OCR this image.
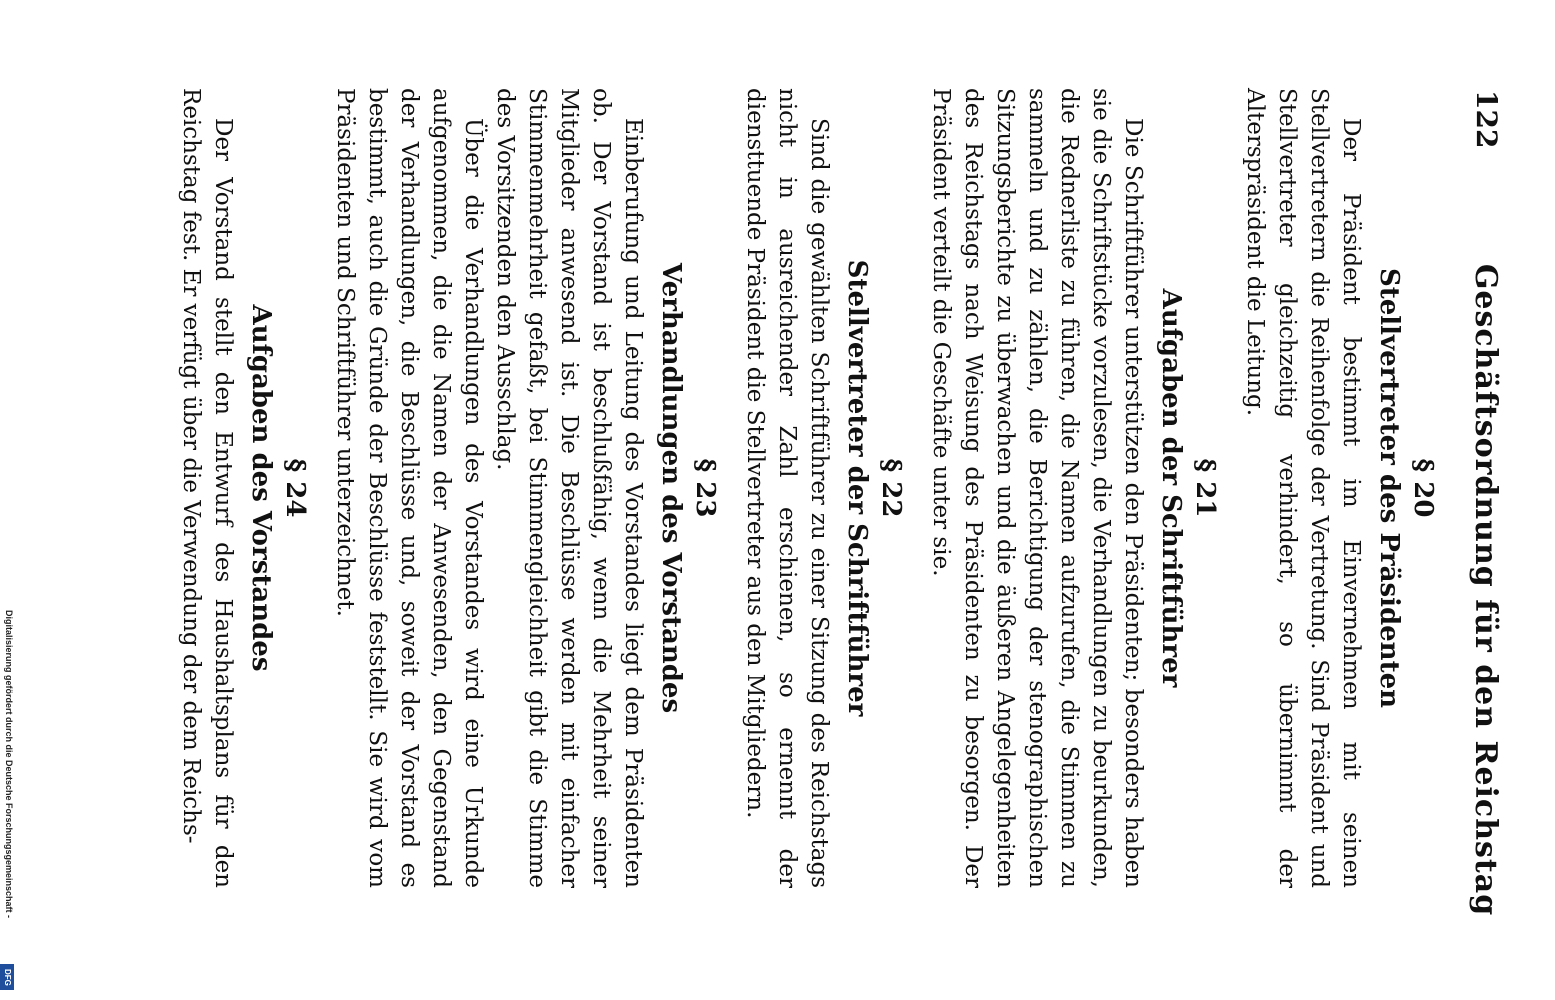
Digitalisierung gefördert durch die Deutsche Forschungsgemeinschaft -
DFG
122
Geschäftsordnung für den Reichstag
§ 20
Stellvertreter des Präsidenten

Der Präsident bestimmt im Einvernehmen mit seinen Stellvertretern die Reihenfolge der Vertretung. Sind Präsident und Stellvertreter gleichzeitig verhindert, so übernimmt der Alterspräsident die Leitung.

§ 21
Aufgaben der Schriftführer

Die Schriftführer unterstützen den Präsidenten; besonders haben sie die Schriftstücke vorzulesen, die Verhandlungen zu beurkunden, die Rednerliste zu führen, die Namen aufzurufen, die Stimmen zu sammeln und zu zählen, die Berichtigung der stenographischen Sitzungsberichte zu überwachen und die äußeren Angelegenheiten des Reichstags nach Weisung des Präsidenten zu besorgen. Der Präsident verteilt die Geschäfte unter sie.

§ 22
Stellvertreter der Schriftführer

Sind die gewählten Schriftführer zu einer Sitzung des Reichstags nicht in ausreichender Zahl erschienen, so ernennt der diensttuende Präsident die Stellvertreter aus den Mitgliedern.

§ 23
Verhandlungen des Vorstandes

Einberufung und Leitung des Vorstandes liegt dem Präsidenten ob. Der Vorstand ist beschlußfähig, wenn die Mehrheit seiner Mitglieder anwesend ist. Die Beschlüsse werden mit einfacher Stimmenmehrheit gefaßt, bei Stimmengleichheit gibt die Stimme des Vorsitzenden den Ausschlag.

Über die Verhandlungen des Vorstandes wird eine Urkunde aufgenommen, die die Namen der Anwesenden, den Gegenstand der Verhandlungen, die Beschlüsse und, soweit der Vorstand es bestimmt, auch die Gründe der Beschlüsse feststellt. Sie wird vom Präsidenten und Schriftführer unterzeichnet.

§ 24
Aufgaben des Vorstandes

Der Vorstand stellt den Entwurf des Haushaltsplans für den Reichstag fest. Er verfügt über die Verwendung der dem Reichs-
